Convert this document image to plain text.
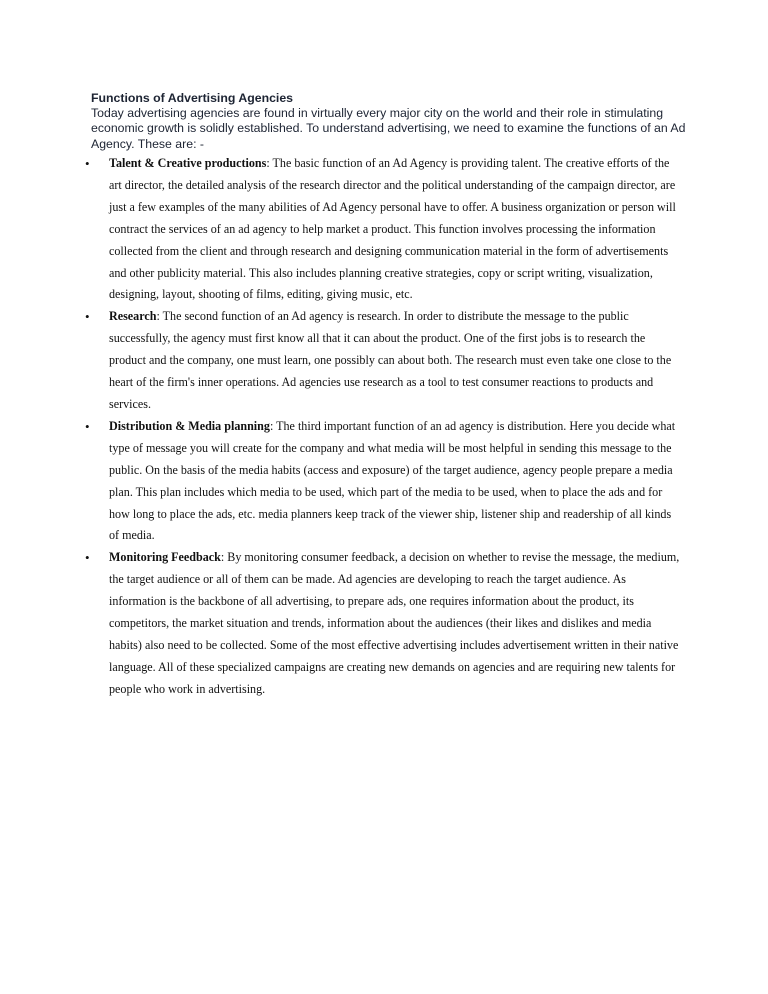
Functions of Advertising Agencies

Today advertising agencies are found in virtually every major city on the world and their role in stimulating economic growth is solidly established. To understand advertising, we need to examine the functions of an Ad Agency. These are: -

• Talent & Creative productions: The basic function of an Ad Agency is providing talent. The creative efforts of the art director, the detailed analysis of the research director and the political understanding of the campaign director, are just a few examples of the many abilities of Ad Agency personal have to offer. A business organization or person will contract the services of an ad agency to help market a product. This function involves processing the information collected from the client and through research and designing communication material in the form of advertisements and other publicity material. This also includes planning creative strategies, copy or script writing, visualization, designing, layout, shooting of films, editing, giving music, etc.
• Research: The second function of an Ad agency is research. In order to distribute the message to the public successfully, the agency must first know all that it can about the product. One of the first jobs is to research the product and the company, one must learn, one possibly can about both. The research must even take one close to the heart of the firm's inner operations. Ad agencies use research as a tool to test consumer reactions to products and services.
• Distribution & Media planning: The third important function of an ad agency is distribution. Here you decide what type of message you will create for the company and what media will be most helpful in sending this message to the public. On the basis of the media habits (access and exposure) of the target audience, agency people prepare a media plan. This plan includes which media to be used, which part of the media to be used, when to place the ads and for how long to place the ads, etc. media planners keep track of the viewer ship, listener ship and readership of all kinds of media.
• Monitoring Feedback: By monitoring consumer feedback, a decision on whether to revise the message, the medium, the target audience or all of them can be made. Ad agencies are developing to reach the target audience. As information is the backbone of all advertising, to prepare ads, one requires information about the product, its competitors, the market situation and trends, information about the audiences (their likes and dislikes and media habits) also need to be collected. Some of the most effective advertising includes advertisement written in their native language. All of these specialized campaigns are creating new demands on agencies and are requiring new talents for people who work in advertising.
